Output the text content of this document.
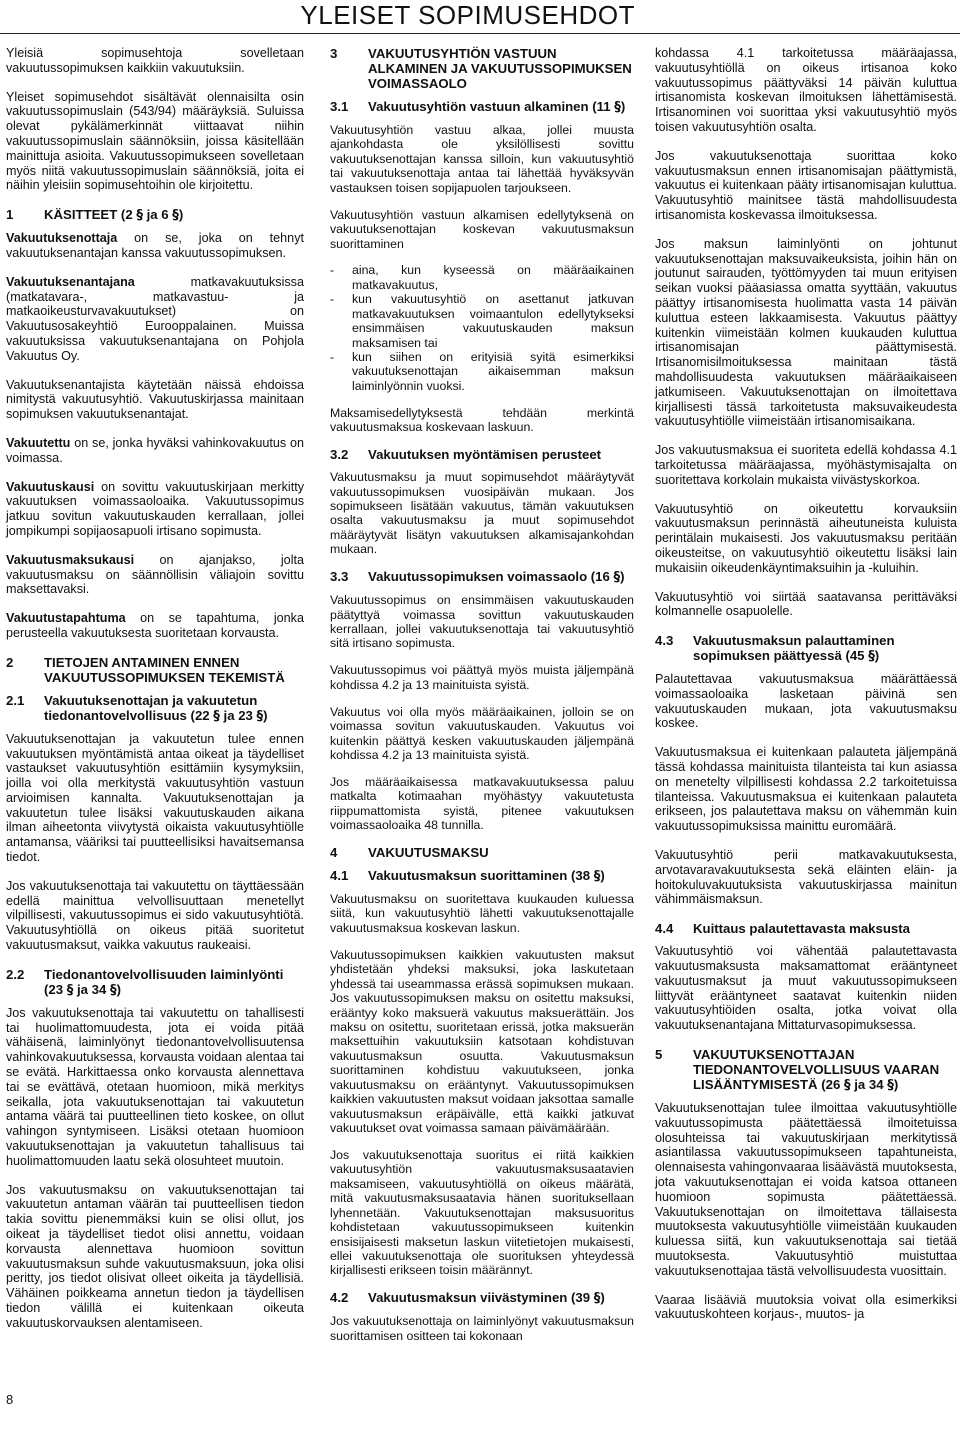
YLEISET SOPIMUSEHDOT

Yleisiä sopimusehtoja sovelletaan vakuutussopimuksen kaikkiin vakuutuksiin.

Yleiset sopimusehdot sisältävät olennaisilta osin vakuutussopimuslain (543/94) määräyksiä. Suluissa olevat pykälämerkinnät viittaavat niihin vakuutussopimuslain säännöksiin, joissa käsitellään mainittuja asioita. Vakuutussopimukseen sovelletaan myös niitä vakuutussopimuslain säännöksiä, joita ei näihin yleisiin sopimusehtoihin ole kirjoitettu.

1	KÄSITTEET (2 § ja 6 §)

Vakuutuksenottaja on se, joka on tehnyt vakuutuksenantajan kanssa vakuutussopimuksen.

Vakuutuksenantajana matkavakuutuksissa (matkatavara-, matkavastuu- ja matkaoikeusturvavakuutukset) on Vakuutusosakeyhtiö Eurooppalainen. Muissa vakuutuksissa vakuutuksenantajana on Pohjola Vakuutus Oy.

Vakuutuksenantajista käytetään näissä ehdoissa nimitystä vakuutusyhtiö. Vakuutuskirjassa mainitaan sopimuksen vakuutuksenantajat.

Vakuutettu on se, jonka hyväksi vahinkovakuutus on voimassa.

Vakuutuskausi on sovittu vakuutuskirjaan merkitty vakuutuksen voimassaoloaika. Vakuutussopimus jatkuu sovitun vakuutuskauden kerrallaan, jollei jompikumpi sopijaosapuoli irtisano sopimusta.

Vakuutusmaksukausi on ajanjakso, jolta vakuutusmaksu on säännöllisin väliajoin sovittu maksettavaksi.

Vakuutustapahtuma on se tapahtuma, jonka perusteella vakuutuksesta suoritetaan korvausta.

2	TIETOJEN ANTAMINEN ENNEN VAKUUTUSSOPIMUKSEN TEKEMISTÄ
2.1	Vakuutuksenottajan ja vakuutetun tiedonantovelvollisuus (22 § ja 23 §)

Vakuutuksenottajan ja vakuutetun tulee ennen vakuutuksen myöntämistä antaa oikeat ja täydelliset vastaukset vakuutusyhtiön esittämiin kysymyksiin, joilla voi olla merkitystä vakuutusyhtiön vastuun arvioimisen kannalta. Vakuutuksenottajan ja vakuutetun tulee lisäksi vakuutuskauden aikana ilman aiheetonta viivytystä oikaista vakuutusyhtiölle antamansa, vääriksi tai puutteellisiksi havaitsemansa tiedot.

Jos vakuutuksenottaja tai vakuutettu on täyttäessään edellä mainittua velvollisuuttaan menetellyt vilpillisesti, vakuutussopimus ei sido vakuutusyhtiötä. Vakuutusyhtiöllä on oikeus pitää suoritetut vakuutusmaksut, vaikka vakuutus raukeaisi.

2.2	Tiedonantovelvollisuuden laiminlyönti (23 § ja 34 §)

Jos vakuutuksenottaja tai vakuutettu on tahallisesti tai huolimattomuudesta, jota ei voida pitää vähäisenä, laiminlyönyt tiedonantovelvollisuutensa vahinkovakuutuksessa, korvausta voidaan alentaa tai se evätä. Harkittaessa onko korvausta alennettava tai se evättävä, otetaan huomioon, mikä merkitys seikalla, jota vakuutuksenottajan tai vakuutetun antama väärä tai puutteellinen tieto koskee, on ollut vahingon syntymiseen. Lisäksi otetaan huomioon vakuutuksenottajan ja vakuutetun tahallisuus tai huolimattomuuden laatu sekä olosuhteet muutoin.

Jos vakuutusmaksu on vakuutuksenottajan tai vakuutetun antaman väärän tai puutteellisen tiedon takia sovittu pienemmäksi kuin se olisi ollut, jos oikeat ja täydelliset tiedot olisi annettu, voidaan korvausta alennettava huomioon sovittun vakuutusmaksun suhde vakuutusmaksuun, joka olisi peritty, jos tiedot olisivat olleet oikeita ja täydellisiä. Vähäinen poikkeama annetun tiedon ja täydellisen tiedon välillä ei kuitenkaan oikeuta vakuutuskorvauksen alentamiseen.

3	VAKUUTUSYHTIÖN VASTUUN ALKAMINEN JA VAKUUTUSSOPIMUKSEN VOIMASSAOLO
3.1	Vakuutusyhtiön vastuun alkaminen (11 §)

Vakuutusyhtiön vastuu alkaa, jollei muusta ajankohdasta ole yksilöllisesti sovittu vakuutuksenottajan kanssa silloin, kun vakuutusyhtiö tai vakuutuksenottaja antaa tai lähettää hyväksyvän vastauksen toisen sopijapuolen tarjoukseen.

Vakuutusyhtiön vastuun alkamisen edellytyksenä on vakuutuksenottajan koskevan vakuutusmaksun suorittaminen

- aina, kun kyseessä on määräaikainen matkavakuutus,
- kun vakuutusyhtiö on asettanut jatkuvan matkavakuutuksen voimaantulon edellytykseksi ensimmäisen vakuutuskauden maksun maksamisen tai
- kun siihen on erityisiä syitä esimerkiksi vakuutuksenottajan aikaisemman maksun laiminlyönnin vuoksi.

Maksamisedellytyksestä tehdään merkintä vakuutusmaksua koskevaan laskuun.

3.2	Vakuutuksen myöntämisen perusteet

Vakuutusmaksu ja muut sopimusehdot määräytyvät vakuutussopimuksen vuosipäivän mukaan. Jos sopimukseen lisätään vakuutus, tämän vakuutuksen osalta vakuutusmaksu ja muut sopimusehdot määräytyvät lisätyn vakuutuksen alkamisajankohdan mukaan.

3.3	Vakuutussopimuksen voimassaolo (16 §)

Vakuutussopimus on ensimmäisen vakuutuskauden päätyttyä voimassa sovittun vakuutuskauden kerrallaan, jollei vakuutuksenottaja tai vakuutusyhtiö sitä irtisano sopimusta.

Vakuutussopimus voi päättyä myös muista jäljempänä kohdissa 4.2 ja 13 mainituista syistä.

Vakuutus voi olla myös määräaikainen, jolloin se on voimassa sovitun vakuutuskauden. Vakuutus voi kuitenkin päättyä kesken vakuutuskauden jäljempänä kohdissa 4.2 ja 13 mainituista syistä.

Jos määräaikaisessa matkavakuutuksessa paluu matkalta kotimaahan myöhästyy vakuutetusta riippumattomista syistä, pitenee vakuutuksen voimassaoloaika 48 tunnilla.

4	VAKUUTUSMAKSU
4.1	Vakuutusmaksun suorittaminen (38 §)

Vakuutusmaksu on suoritettava kuukauden kuluessa siitä, kun vakuutusyhtiö lähetti vakuutuksenottajalle vakuutusmaksua koskevan laskun.

Vakuutussopimuksen kaikkien vakuutusten maksut yhdistetään yhdeksi maksuksi, joka laskutetaan yhdessä tai useammassa erässä sopimuksen mukaan. Jos vakuutussopimuksen maksu on ositettu maksuksi, erääntyy koko maksuerä vakuutus maksuerättäin. Jos maksu on ositettu, suoritetaan erissä, jotka maksuerän maksettuihin vakuutuksiin katsotaan kohdistuvan vakuutusmaksun osuutta. Vakuutusmaksun suorittaminen kohdistuu vakuutukseen, jonka vakuutusmaksu on erääntynyt. Vakuutussopimuksen kaikkien vakuutusten maksut voidaan jaksottaa samalle vakuutusmaksun eräpäivälle, että kaikki jatkuvat vakuutukset ovat voimassa samaan päivämäärään.

Jos vakuutuksenottaja suoritus ei riitä kaikkien vakuutusyhtiön vakuutusmaksusaatavien maksamiseen, vakuutusyhtiöllä on oikeus määrätä, mitä vakuutusmaksusaatavia hänen suorituksellaan lyhennetään. Vakuutuksenottajan maksusuoritus kohdistetaan vakuutussopimukseen kuitenkin ensisijaisesti maksetun laskun viitetietojen mukaisesti, ellei vakuutuksenottaja ole suorituksen yhteydessä kirjallisesti erikseen toisin määrännyt.

4.2	Vakuutusmaksun viivästyminen (39 §)

Jos vakuutuksenottaja on laiminlyönyt vakuutusmaksun suorittamisen ositteen tai kokonaan

kohdassa 4.1 tarkoitetussa määräajassa, vakuutusyhtiöllä on oikeus irtisanoa koko vakuutussopimus päättyväksi 14 päivän kuluttua irtisanomista koskevan ilmoituksen lähettämisestä. Irtisanominen voi suorittaa yksi vakuutusyhtiö myös toisen vakuutusyhtiön osalta.

Jos vakuutuksenottaja suorittaa koko vakuutusmaksun ennen irtisanomisajan päättymistä, vakuutus ei kuitenkaan pääty irtisanomisajan kuluttua. Vakuutusyhtiö mainitsee tästä mahdollisuudesta irtisanomista koskevassa ilmoituksessa.

Jos maksun laiminlyönti on johtunut vakuutuksenottajan maksuvaikeuksista, joihin hän on joutunut sairauden, työttömyyden tai muun erityisen seikan vuoksi pääasiassa omatta syyttään, vakuutus päättyy irtisanomisesta huolimatta vasta 14 päivän kuluttua esteen lakkaamisesta. Vakuutus päättyy kuitenkin viimeistään kolmen kuukauden kuluttua irtisanomisajan päättymisestä. Irtisanomisilmoituksessa mainitaan tästä mahdollisuudesta vakuutuksen määräaikaiseen jatkumiseen. Vakuutuksenottajan on ilmoitettava kirjallisesti tässä tarkoitetusta maksuvaikeudesta vakuutusyhtiölle viimeistään irtisanomisaikana.

Jos vakuutusmaksua ei suoriteta edellä kohdassa 4.1 tarkoitetussa määräajassa, myöhästymisajalta on suoritettava korkolain mukaista viivästyskorkoa.

Vakuutusyhtiö on oikeutettu korvauksiin vakuutusmaksun perinnästä aiheutuneista kuluista perintälain mukaisesti. Jos vakuutusmaksu peritään oikeusteitse, on vakuutusyhtiö oikeutettu lisäksi lain mukaisiin oikeudenkäyntimaksuihin ja -kuluihin.

Vakuutusyhtiö voi siirtää saatavansa perittäväksi kolmannelle osapuolelle.

4.3	Vakuutusmaksun palauttaminen sopimuksen päättyessä (45 §)

Palautettavaa vakuutusmaksua määrättäessä voimassaoloaika lasketaan päivinä sen vakuutuskauden mukaan, jota vakuutusmaksu koskee.

Vakuutusmaksua ei kuitenkaan palauteta jäljempänä tässä kohdassa mainituista tilanteista tai kun asiassa on menetelty vilpillisesti kohdassa 2.2 tarkoitetuissa tilanteissa. Vakuutusmaksua ei kuitenkaan palauteta erikseen, jos palautettava maksu on vähemmän kuin vakuutussopimuksissa mainittu euromäärä.

Vakuutusyhtiö perii matkavakuutuksesta, arvotavaravakuutuksesta sekä eläinten eläin- ja hoitokuluvakuutuksista vakuutuskirjassa mainitun vähimmäismaksun.

4.4	Kuittaus palautettavasta maksusta

Vakuutusyhtiö voi vähentää palautettavasta vakuutusmaksusta maksamattomat erääntyneet vakuutusmaksut ja muut vakuutussopimukseen liittyvät erääntyneet saatavat kuitenkin niiden vakuutusyhtiöiden osalta, jotka voivat olla vakuutuksenantajana Mittaturvasopimuksessa.

5	VAKUUTUKSENOTTAJAN TIEDONANTOVELVOLLISUUS VAARAN LISÄÄNTYMISESTÄ (26 § ja 34 §)

Vakuutuksenottajan tulee ilmoittaa vakuutusyhtiölle vakuutussopimusta päätettäessä ilmoitetuissa olosuhteissa tai vakuutuskirjaan merkitytissä asiantilassa vakuutussopimukseen tapahtuneista, olennaisesta vahingonvaaraa lisäävästä muutoksesta, jota vakuutuksenottajan ei voida katsoa ottaneen huomioon sopimusta päätettäessä. Vakuutuksenottajan on ilmoitettava tällaisesta muutoksesta vakuutusyhtiölle viimeistään kuukauden kuluessa siitä, kun vakuutuksenottaja sai tietää muutoksesta. Vakuutusyhtiö muistuttaa vakuutuksenottajaa tästä velvollisuudesta vuosittain.

Vaaraa lisääviä muutoksia voivat olla esimerkiksi vakuutuskohteen korjaus-, muutos- ja

8
